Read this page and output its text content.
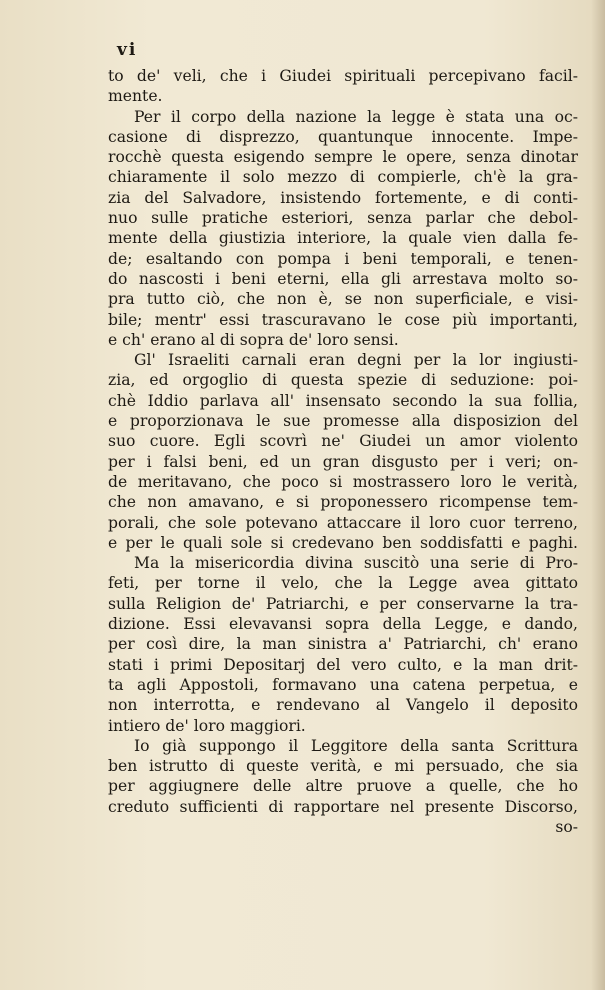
vi
to de' veli, che i Giudei spirituali percepivano facil-
mente.
Per il corpo della nazione la legge è stata una oc-
casione di disprezzo, quantunque innocente. Impe-
rocchè questa esigendo sempre le opere, senza dinotar
chiaramente il solo mezzo di compierle, ch'è la gra-
zia del Salvadore, insistendo fortemente, e di conti-
nuo sulle pratiche esteriori, senza parlar che debol-
mente della giustizia interiore, la quale vien dalla fe-
de; esaltando con pompa i beni temporali, e tenen-
do nascosti i beni eterni, ella gli arrestava molto so-
pra tutto ciò, che non è, se non superficiale, e visi-
bile; mentr' essi trascuravano le cose più importanti,
e ch' erano al di sopra de' loro sensi.
Gl' Israeliti carnali eran degni per la lor ingiusti-
zia, ed orgoglio di questa spezie di seduzione: poi-
chè Iddio parlava all' insensato secondo la sua follia,
e proporzionava le sue promesse alla disposizion del
suo cuore. Egli scovrì ne' Giudei un amor violento
per i falsi beni, ed un gran disgusto per i veri; on-
de meritavano, che poco si mostrassero loro le verità,
che non amavano, e si proponessero ricompense tem-
porali, che sole potevano attaccare il loro cuor terreno,
e per le quali sole si credevano ben soddisfatti e paghi.
Ma la misericordia divina suscitò una serie di Pro-
feti, per torne il velo, che la Legge avea gittato
sulla Religion de' Patriarchi, e per conservarne la tra-
dizione. Essi elevavansi sopra della Legge, e dando,
per così dire, la man sinistra a' Patriarchi, ch' erano
stati i primi Depositarj del vero culto, e la man drit-
ta agli Appostoli, formavano una catena perpetua, e
non interrotta, e rendevano al Vangelo il deposito
intiero de' loro maggiori.
Io già suppongo il Leggitore della santa Scrittura
ben istrutto di queste verità, e mi persuado, che sia
per aggiugnere delle altre pruove a quelle, che ho
creduto sufficienti di rapportare nel presente Discorso,
so-
